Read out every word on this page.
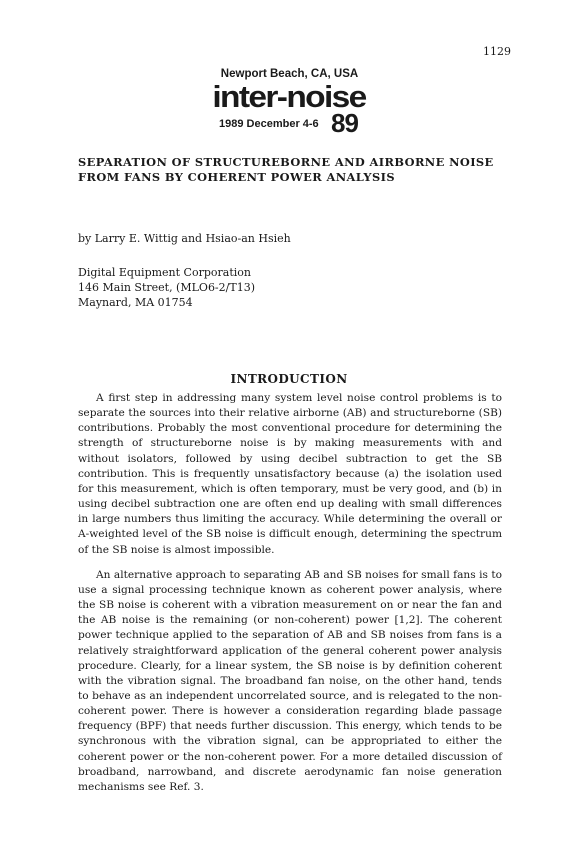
1129
Newport Beach, CA, USA
inter-noise
1989 December 4-6 89
SEPARATION OF STRUCTUREBORNE AND AIRBORNE NOISE
FROM FANS BY COHERENT POWER ANALYSIS
by Larry E. Wittig and Hsiao-an Hsieh
Digital Equipment Corporation
146 Main Street, (MLO6-2/T13)
Maynard, MA 01754
INTRODUCTION

A first step in addressing many system level noise control problems is to separate the sources into their relative airborne (AB) and structureborne (SB) contributions. Probably the most conventional procedure for determining the strength of structureborne noise is by making measurements with and without isolators, followed by using decibel subtraction to get the SB contribution. This is frequently unsatisfactory because (a) the isolation used for this measurement, which is often temporary, must be very good, and (b) in using decibel subtraction one are often end up dealing with small differences in large numbers thus limiting the accuracy. While determining the overall or A-weighted level of the SB noise is difficult enough, determining the spectrum of the SB noise is almost impossible.

An alternative approach to separating AB and SB noises for small fans is to use a signal processing technique known as coherent power analysis, where the SB noise is coherent with a vibration measurement on or near the fan and the AB noise is the remaining (or non-coherent) power [1,2]. The coherent power technique applied to the separation of AB and SB noises from fans is a relatively straightforward application of the general coherent power analysis procedure. Clearly, for a linear system, the SB noise is by definition coherent with the vibration signal. The broadband fan noise, on the other hand, tends to behave as an independent uncorrelated source, and is relegated to the non-coherent power. There is however a consideration regarding blade passage frequency (BPF) that needs further discussion. This energy, which tends to be synchronous with the vibration signal, can be appropriated to either the coherent power or the non-coherent power. For a more detailed discussion of broadband, narrowband, and discrete aerodynamic fan noise generation mechanisms see Ref. 3.
